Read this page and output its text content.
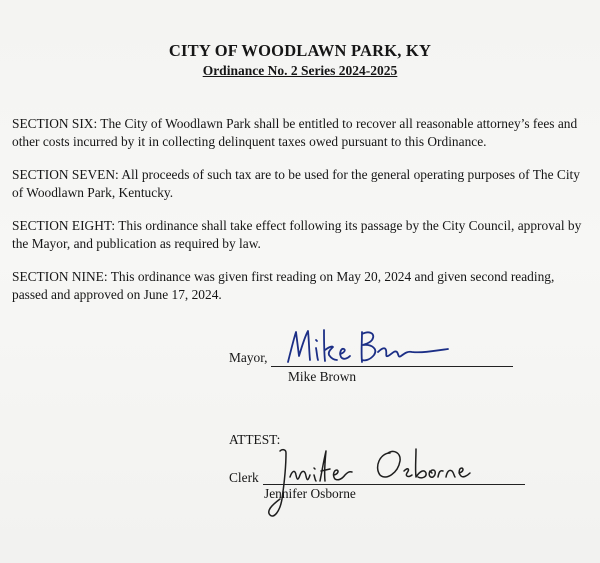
CITY OF WOODLAWN PARK, KY

Ordinance No. 2 Series 2024-2025

SECTION SIX: The City of Woodlawn Park shall be entitled to recover all reasonable attorney’s fees and other costs incurred by it in collecting delinquent taxes owed pursuant to this Ordinance.

SECTION SEVEN: All proceeds of such tax are to be used for the general operating purposes of The City of Woodlawn Park, Kentucky.

SECTION EIGHT: This ordinance shall take effect following its passage by the City Council, approval by the Mayor, and publication as required by law.

SECTION NINE: This ordinance was given first reading on May 20, 2024 and given second reading, passed and approved on June 17, 2024.

Mayor,
Mike Brown
ATTEST:
Clerk
Jennifer Osborne
